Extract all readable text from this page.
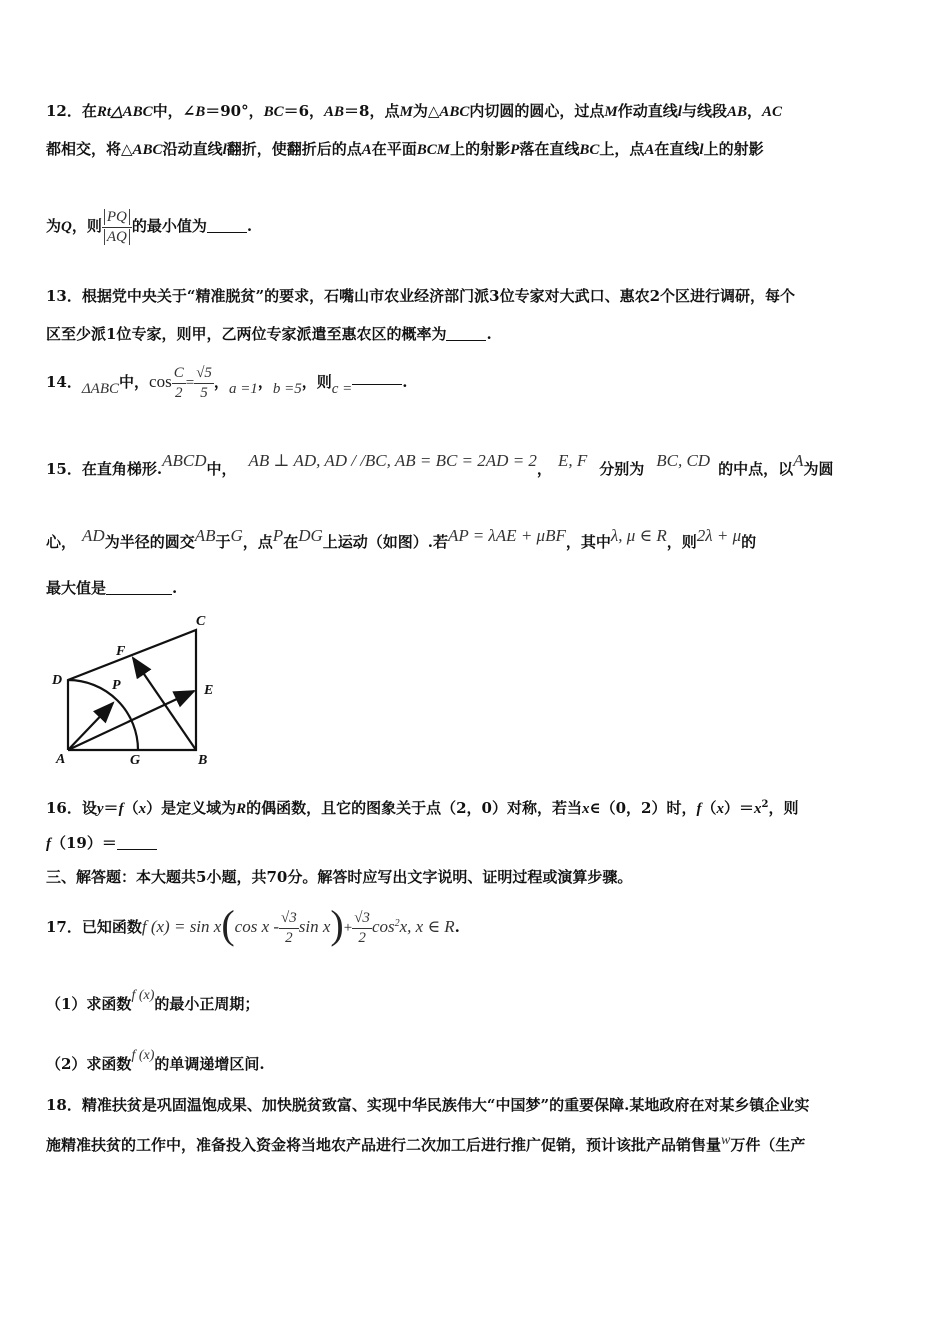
12．在Rt△ABC中，∠B＝90°，BC＝6，AB＝8，点M为△ABC内切圆的圆心，过点M作动直线l与线段AB，AC
都相交，将△ABC沿动直线l翻折，使翻折后的点A在平面BCM上的射影P落在直线BC上，点A在直线l上的射影
为Q，则 $\frac{PQ}{AQ}$ 的最小值为	.
13．根据党中央关于“精准脱贫”的要求，石嘴山市农业经济部门派3位专家对大武口、惠农2个区进行调研，每个
区至少派1位专家，则甲，乙两位专家派遣至惠农区的概率为	.
14．ΔABC中，$\cos \frac{C}{2} = \frac{√5}{5}$ ，a =1，b =5，则c =	.
15．在直角梯形.ABCD中， AB ⊥ AD, AD / /BC, AB = BC = 2AD = 2， E, F 分别为 BC, CD 的中点，以A为圆
心， AD为半径的圆交AB于G，点P在DG上运动（如图）.若AP = λAE + μBF，其中λ, μ ∈ R，则2λ + μ的
最大值是	.
C
F
D	P	E
A	G	B
16．设y＝f（x）是定义域为R的偶函数，且它的图象关于点（2，0）对称，若当x∈（0，2）时，$f(x)=x^2$，则
f（19）＝
三、解答题：本大题共5小题，共70分。解答时应写出文字说明、证明过程或演算步骤。
17．已知函数f (x) = sin x(cos x - $\frac{√3}{2}$ $\sin x)+ \frac{√3}{2} \cos^2x$, x ∈ R.
（1）求函数f (x)的最小正周期；
（2）求函数f (x)的单调递增区间.
18．精准扶贫是巩固温饱成果、加快脱贫致富、实现中华民族伟大“中国梦”的重要保障.某地政府在对某乡镇企业实
施精准扶贫的工作中，准备投入资金将当地农产品进行二次加工后进行推广促销，预计该批产品销售量w万件（生产
